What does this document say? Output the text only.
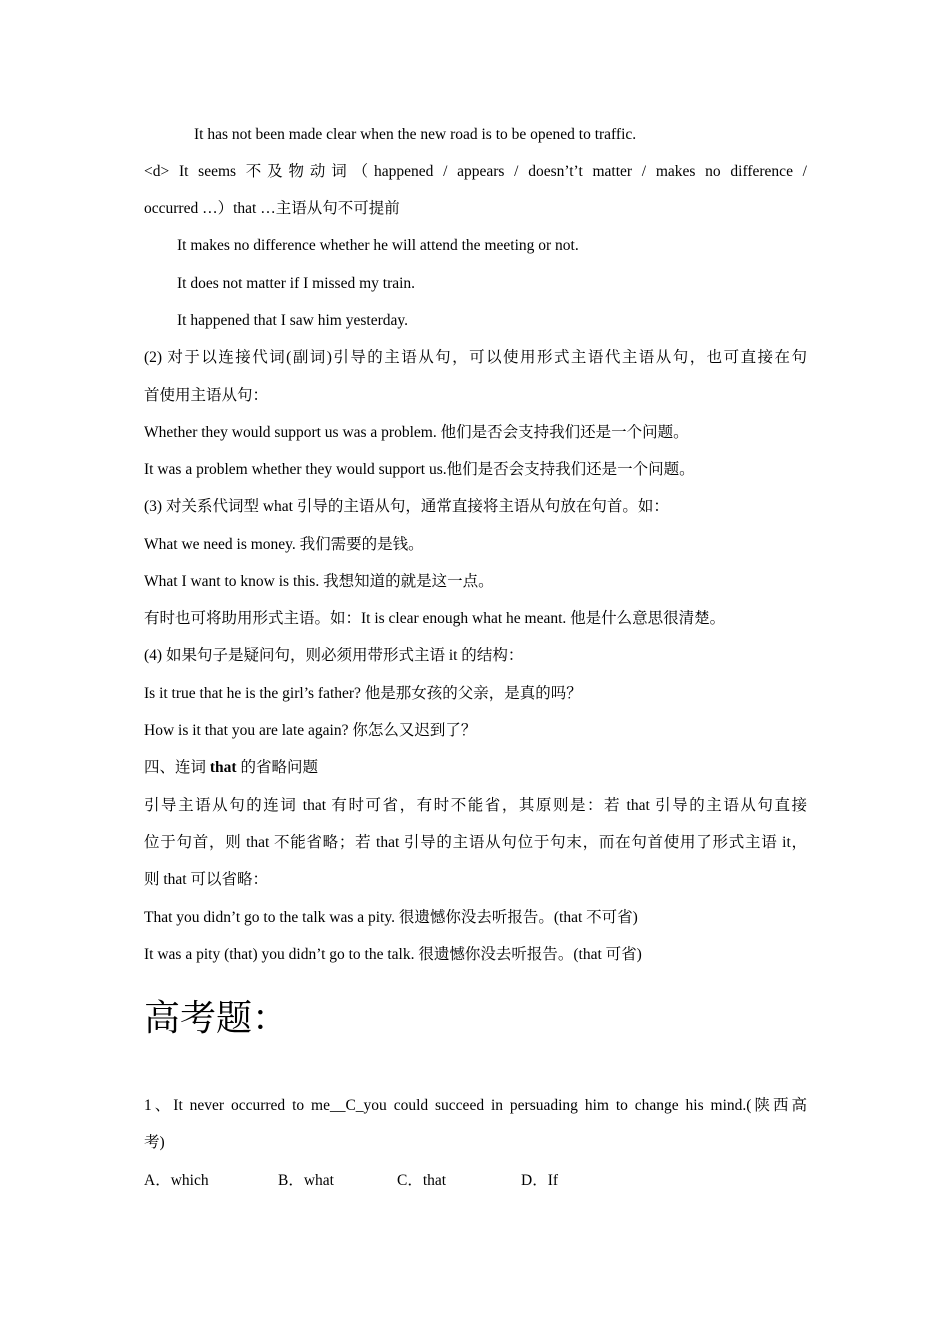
It has not been made clear when the new road is to be opened to traffic.
<d> It seems 不及物动词（happened / appears / doesn’t’t matter / makes no difference /
occurred …）that …主语从句不可提前
It makes no difference whether he will attend the meeting or not.
It does not matter if I missed my train.
It happened that I saw him yesterday.
(2) 对于以连接代词(副词)引导的主语从句，可以使用形式主语代主语从句，也可直接在句
首使用主语从句：
Whether they would support us was a problem. 他们是否会支持我们还是一个问题。
It was a problem whether they would support us.他们是否会支持我们还是一个问题。
(3) 对关系代词型 what 引导的主语从句，通常直接将主语从句放在句首。如：
What we need is money. 我们需要的是钱。
What I want to know is this. 我想知道的就是这一点。
有时也可将助用形式主语。如：It is clear enough what he meant. 他是什么意思很清楚。
(4) 如果句子是疑问句，则必须用带形式主语 it 的结构：
Is it true that he is the girl’s father? 他是那女孩的父亲，是真的吗？
How is it that you are late again? 你怎么又迟到了？
四、连词 that 的省略问题
引导主语从句的连词 that 有时可省，有时不能省，其原则是：若 that 引导的主语从句直接
位于句首，则 that 不能省略；若 that 引导的主语从句位于句末，而在句首使用了形式主语 it，
则 that 可以省略：
That you didn’t go to the talk was a pity. 很遗憾你没去听报告。(that 不可省)
It was a pity (that) you didn’t go to the talk. 很遗憾你没去听报告。(that 可省)
高考题：
1、It never occurred to me__C_you could succeed in persuading him to change his mind.(陕西高
考)
A．which	B．what	C．that	D．If
